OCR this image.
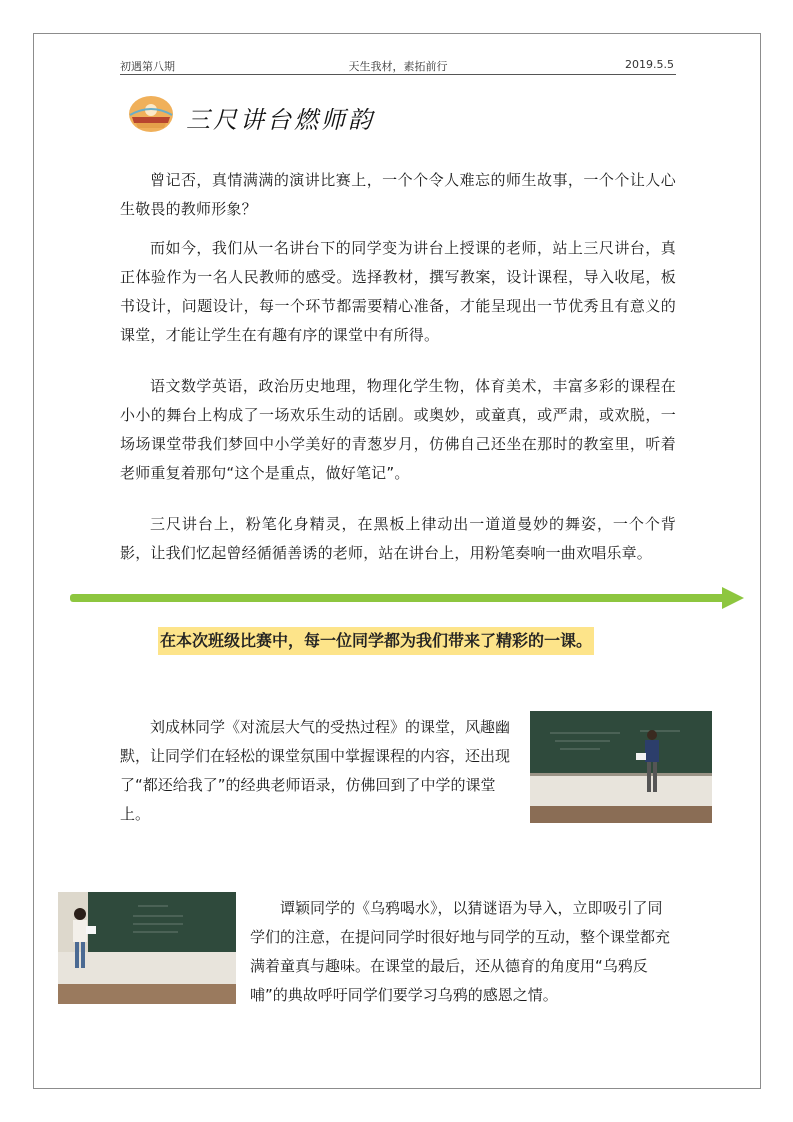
初遇第八期	天生我材，素拓前行	2019.5.5
三尺讲台燃师韵

曾记否，真情满满的演讲比赛上，一个个令人难忘的师生故事，一个个让人心生敬畏的教师形象？

而如今，我们从一名讲台下的同学变为讲台上授课的老师，站上三尺讲台，真正体验作为一名人民教师的感受。选择教材，撰写教案，设计课程，导入收尾，板书设计，问题设计，每一个环节都需要精心准备，才能呈现出一节优秀且有意义的课堂，才能让学生在有趣有序的课堂中有所得。

语文数学英语，政治历史地理，物理化学生物，体育美术，丰富多彩的课程在小小的舞台上构成了一场欢乐生动的话剧。或奥妙，或童真，或严肃，或欢脱，一场场课堂带我们梦回中小学美好的青葱岁月，仿佛自己还坐在那时的教室里，听着老师重复着那句“这个是重点，做好笔记”。

三尺讲台上，粉笔化身精灵，在黑板上律动出一道道曼妙的舞姿，一个个背影，让我们忆起曾经循循善诱的老师，站在讲台上，用粉笔奏响一曲欢唱乐章。

在本次班级比赛中，每一位同学都为我们带来了精彩的一课。

刘成林同学《对流层大气的受热过程》的课堂，风趣幽默，让同学们在轻松的课堂氛围中掌握课程的内容，还出现了“都还给我了”的经典老师语录，仿佛回到了中学的课堂上。

谭颖同学的《乌鸦喝水》，以猜谜语为导入，立即吸引了同学们的注意，在提问同学时很好地与同学的互动，整个课堂都充满着童真与趣味。在课堂的最后，还从德育的角度用“乌鸦反哺”的典故呼吁同学们要学习乌鸦的感恩之情。
